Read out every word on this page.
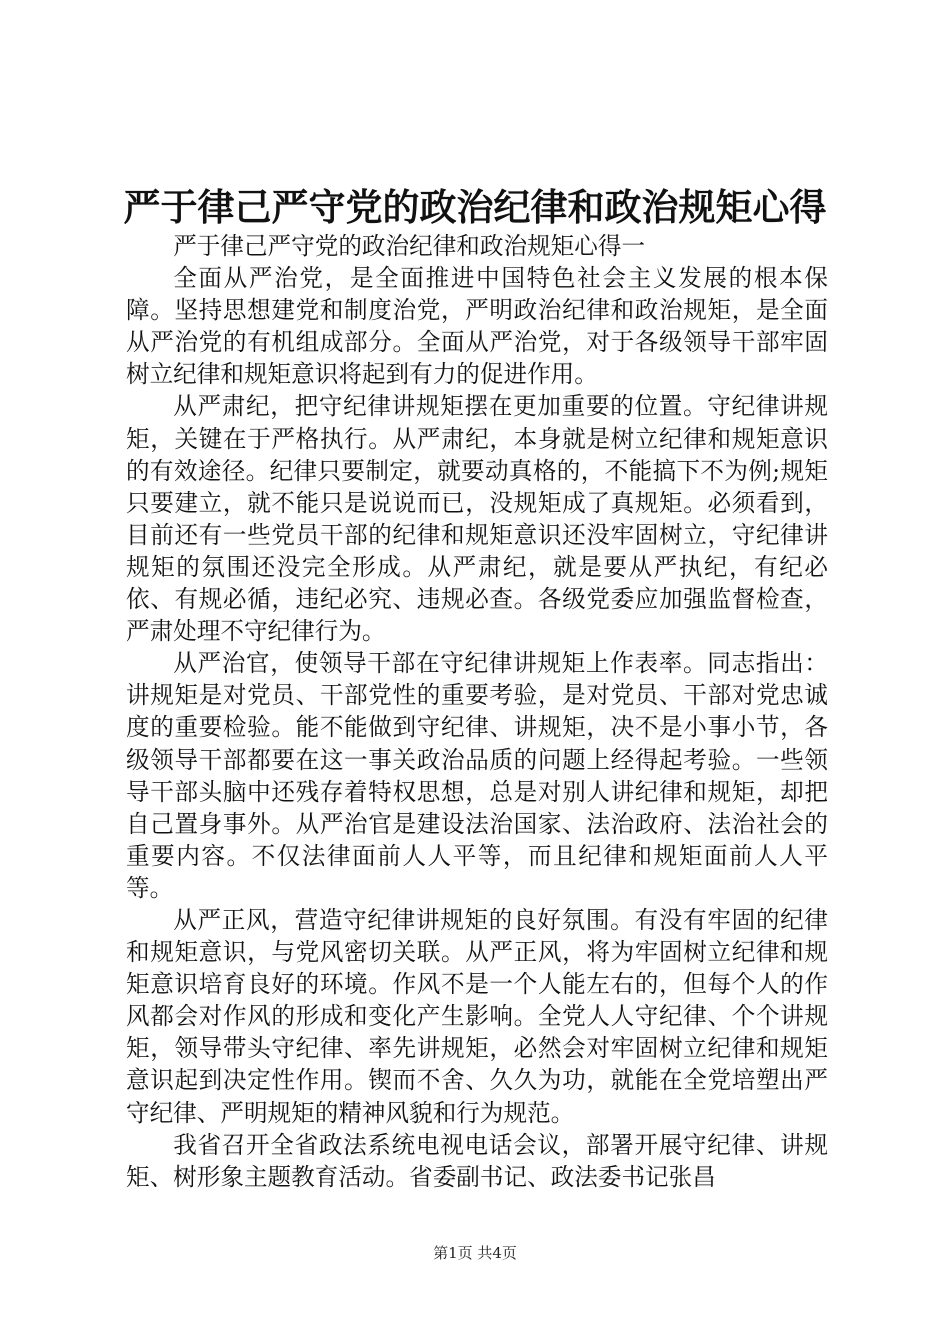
严于律己严守党的政治纪律和政治规矩心得

严于律己严守党的政治纪律和政治规矩心得一

全面从严治党，是全面推进中国特色社会主义发展的根本保障。坚持思想建党和制度治党，严明政治纪律和政治规矩，是全面从严治党的有机组成部分。全面从严治党，对于各级领导干部牢固树立纪律和规矩意识将起到有力的促进作用。

从严肃纪，把守纪律讲规矩摆在更加重要的位置。守纪律讲规矩，关键在于严格执行。从严肃纪，本身就是树立纪律和规矩意识的有效途径。纪律只要制定，就要动真格的，不能搞下不为例;规矩只要建立，就不能只是说说而已，没规矩成了真规矩。必须看到，目前还有一些党员干部的纪律和规矩意识还没牢固树立，守纪律讲规矩的氛围还没完全形成。从严肃纪，就是要从严执纪，有纪必依、有规必循，违纪必究、违规必查。各级党委应加强监督检查，严肃处理不守纪律行为。

从严治官，使领导干部在守纪律讲规矩上作表率。同志指出：讲规矩是对党员、干部党性的重要考验，是对党员、干部对党忠诚度的重要检验。能不能做到守纪律、讲规矩，决不是小事小节，各级领导干部都要在这一事关政治品质的问题上经得起考验。一些领导干部头脑中还残存着特权思想，总是对别人讲纪律和规矩，却把自己置身事外。从严治官是建设法治国家、法治政府、法治社会的重要内容。不仅法律面前人人平等，而且纪律和规矩面前人人平等。

从严正风，营造守纪律讲规矩的良好氛围。有没有牢固的纪律和规矩意识，与党风密切关联。从严正风，将为牢固树立纪律和规矩意识培育良好的环境。作风不是一个人能左右的，但每个人的作风都会对作风的形成和变化产生影响。全党人人守纪律、个个讲规矩，领导带头守纪律、率先讲规矩，必然会对牢固树立纪律和规矩意识起到决定性作用。锲而不舍、久久为功，就能在全党培塑出严守纪律、严明规矩的精神风貌和行为规范。

我省召开全省政法系统电视电话会议，部署开展守纪律、讲规矩、树形象主题教育活动。省委副书记、政法委书记张昌

第1页 共4页
